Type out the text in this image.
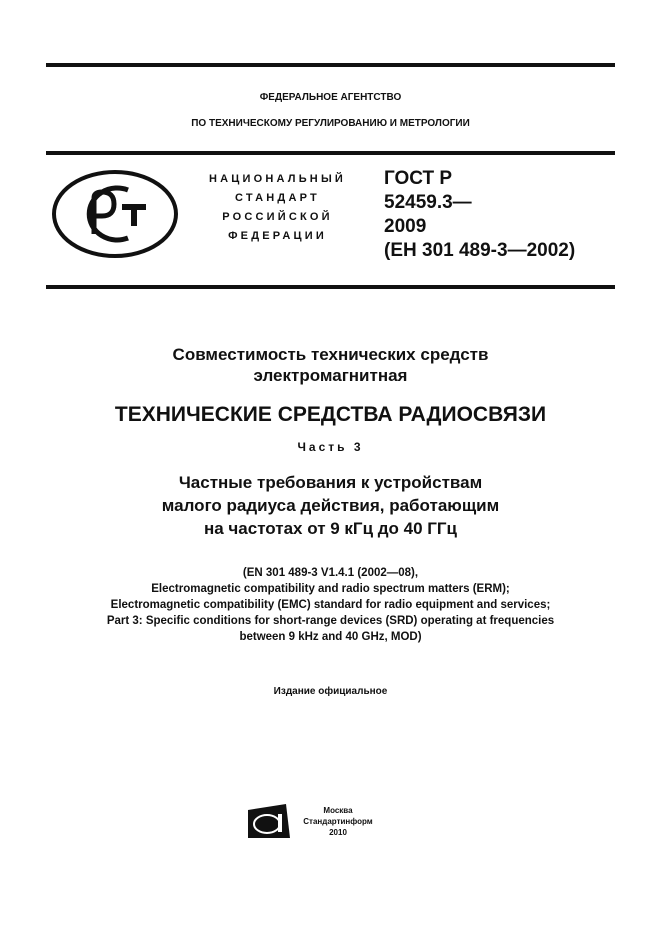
ФЕДЕРАЛЬНОЕ АГЕНТСТВО
ПО ТЕХНИЧЕСКОМУ РЕГУЛИРОВАНИЮ И МЕТРОЛОГИИ
НАЦИОНАЛЬНЫЙ
СТАНДАРТ
РОССИЙСКОЙ
ФЕДЕРАЦИИ
ГОСТ Р
52459.3—
2009
(ЕН 301 489-3—2002)
Совместимость технических средств
электромагнитная
ТЕХНИЧЕСКИЕ СРЕДСТВА РАДИОСВЯЗИ
Часть 3
Частные требования к устройствам
малого радиуса действия, работающим
на частотах от 9 кГц до 40 ГГц
(EN 301 489-3 V1.4.1 (2002—08),
Electromagnetic compatibility and radio spectrum matters (ERM);
Electromagnetic compatibility (EMC) standard for radio equipment and services;
Part 3: Specific conditions for short-range devices (SRD) operating at frequencies
between 9 kHz and 40 GHz, MOD)
Издание официальное
Москва
Стандартинформ
2010
